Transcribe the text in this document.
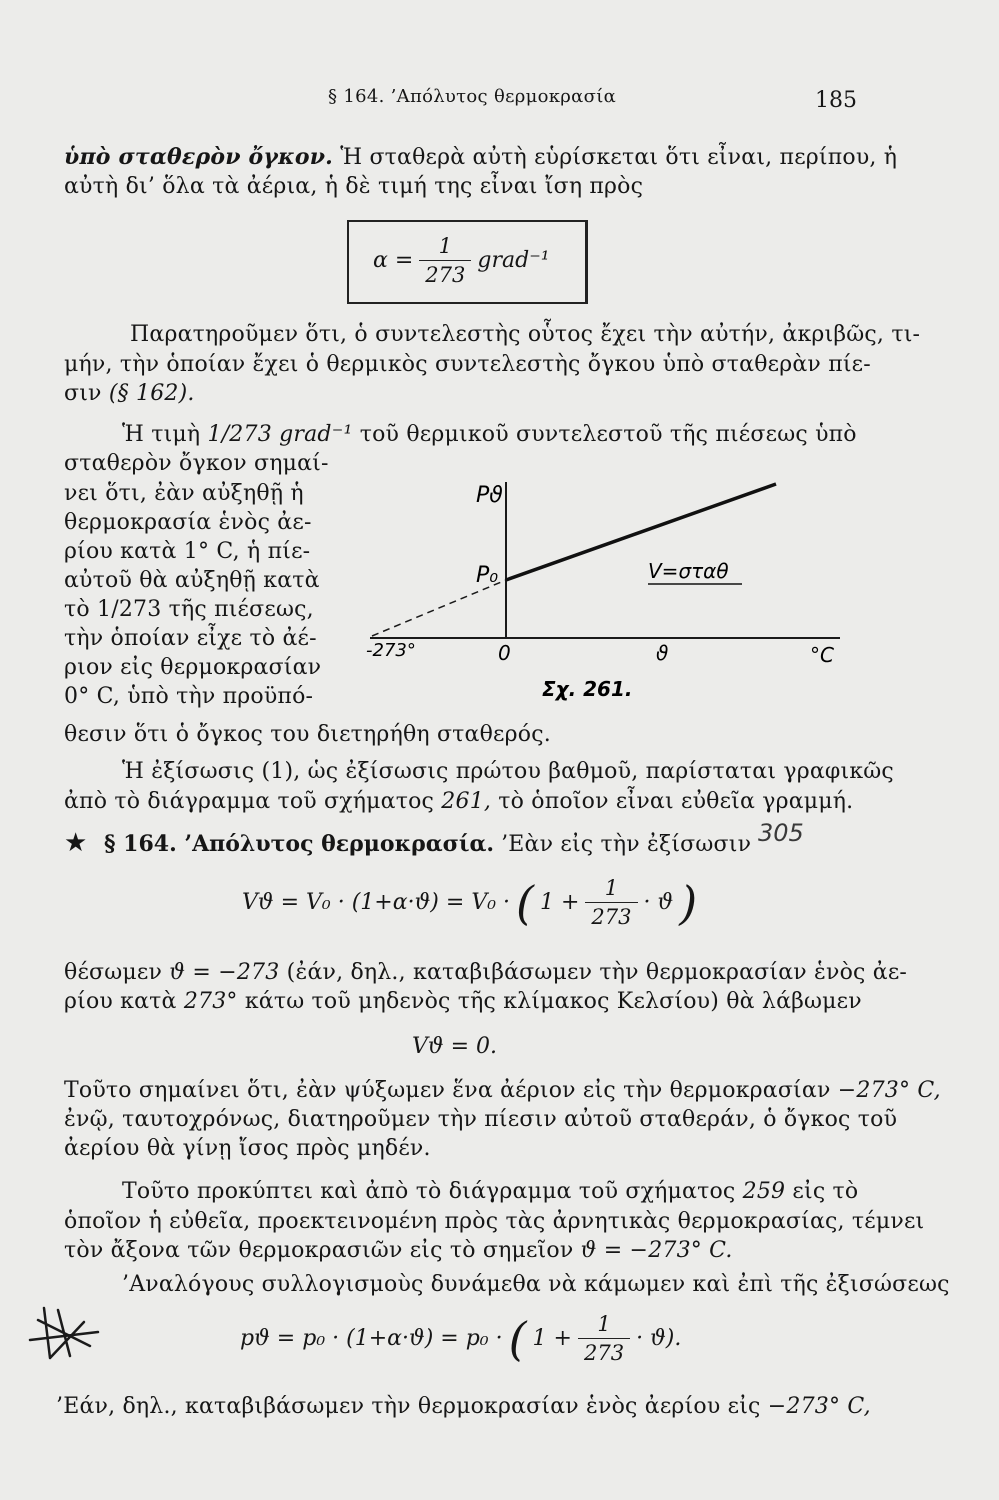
§ 164. ’Απόλυτος θερμοκρασία	185
ὑπὸ σταθερὸν ὄγκον. Ἡ σταθερὰ αὐτὴ εὑρίσκεται ὅτι εἶναι, περίπου, ἡ
αὐτὴ δι’ ὅλα τὰ ἀέρια, ἡ δὲ τιμή της εἶναι ἴση πρὸς
$\alpha = \frac{1}{273}$ grad⁻¹
Παρατηροῦμεν ὅτι, ὁ συντελεστὴς οὗτος ἔχει τὴν αὐτήν, ἀκριβῶς, τι-
μήν, τὴν ὁποίαν ἔχει ὁ θερμικὸς συντελεστὴς ὄγκου ὑπὸ σταθερὰν πίε-
σιν (§ 162).
Ἡ τιμὴ 1/273 grad⁻¹ τοῦ θερμικοῦ συντελεστοῦ τῆς πιέσεως ὑπὸ
σταθερὸν ὄγκον σημαί-
νει ὅτι, ἐὰν αὐξηθῇ ἡ
θερμοκρασία ἑνὸς ἀε-
ρίου κατὰ 1° C, ἡ πίε-
αὐτοῦ θὰ αὐξηθῇ κατὰ
τὸ 1/273 τῆς πιέσεως,
τὴν ὁποίαν εἶχε τὸ ἀέ-
ριον εἰς θερμοκρασίαν
0° C, ὑπὸ τὴν προϋπό-
θεσιν ὅτι ὁ ὄγκος του διετηρήθη σταθερός.
Pϑ
P₀	V=σταθ
-273°	0	ϑ	°C
Σχ. 261.
Ἡ ἐξίσωσις (1), ὡς ἐξίσωσις πρώτου βαθμοῦ, παρίσταται γραφικῶς
ἀπὸ τὸ διάγραμμα τοῦ σχήματος 261, τὸ ὁποῖον εἶναι εὐθεῖα γραμμή.
★ § 164. ’Απόλυτος θερμοκρασία. ’Εὰν εἰς τὴν ἐξίσωσιν 305
Vϑ = V₀ · (1+α·ϑ) = V₀ · ( $1 + \frac{1}{273} \cdot ϑ$ )
θέσωμεν ϑ = −273 (ἐάν, δηλ., καταβιβάσωμεν τὴν θερμοκρασίαν ἑνὸς ἀε-
ρίου κατὰ 273° κάτω τοῦ μηδενὸς τῆς κλίμακος Κελσίου) θὰ λάβωμεν
Vϑ = 0.
Τοῦτο σημαίνει ὅτι, ἐὰν ψύξωμεν ἕνα ἀέριον εἰς τὴν θερμοκρασίαν −273° C,
ἐνῷ, ταυτοχρόνως, διατηροῦμεν τὴν πίεσιν αὐτοῦ σταθεράν, ὁ ὄγκος τοῦ
ἀερίου θὰ γίνῃ ἴσος πρὸς μηδέν.
Τοῦτο προκύπτει καὶ ἀπὸ τὸ διάγραμμα τοῦ σχήματος 259 εἰς τὸ
ὁποῖον ἡ εὐθεῖα, προεκτεινομένη πρὸς τὰς ἀρνητικὰς θερμοκρασίας, τέμνει
τὸν ἄξονα τῶν θερμοκρασιῶν εἰς τὸ σημεῖον ϑ = −273° C.
’Αναλόγους συλλογισμοὺς δυνάμεθα νὰ κάμωμεν καὶ ἐπὶ τῆς ἐξισώσεως
pϑ = p₀ · (1+α·ϑ) = p₀ · ( $1 + \frac{1}{273} \cdot ϑ$).
’Εάν, δηλ., καταβιβάσωμεν τὴν θερμοκρασίαν ἑνὸς ἀερίου εἰς −273° C,
